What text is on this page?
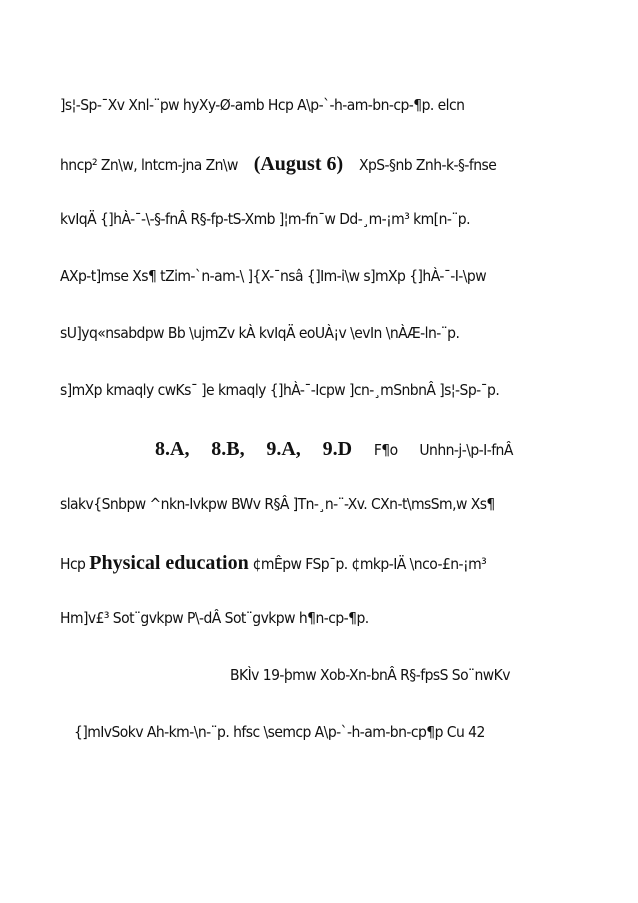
]s¦-Sp-¯Xv Xnl-¨pw hyXy-Ø-amb Hcp A\p-`-h-am-bn-cp-¶p. elcn
hncp² Zn\w, lntcm-jna Zn\w (August 6) XpS-§nb Znh-k-§-fnse
kvIqÄ {]hÀ-¯-\-§-fnÂ R§-fp-tS-Xmb ]¦m-fn¯w Dd-¸m-¡m³ km[n-¨p.
AXp-t]mse Xs¶ tZim-`n-am-\ ]{X-¯nsâ {]Im-i\w s]mXp {]hÀ-¯-I-\pw
sU]yq«nsabdpw Bb \ujmZv kÀ kvIqÄ eoUÀ¡v \evIn \nÀÆ-ln-¨p.
s]mXp kmaqly cwKs¯ ]e kmaqly {]hÀ-¯-Icpw ]cn-¸mSnbnÂ ]s¦-Sp-¯p.
8.A, 8.B, 9.A, 9.D F¶o Unhn-j-\p-I-fnÂ
slakv{Snbpw ^nkn-Ivkpw BWv R§Â ]Tn-¸n-¨-Xv. CXn-t\msSm,w Xs¶
Hcp Physical education ¢mÊpw FSp¯p. ¢mkp-IÄ \nco-£n-¡m³
Hm]v£³ Sot¨gvkpw P\-dÂ Sot¨gvkpw h¶n-cp-¶p.
BKÌv 19-þmw Xob-Xn-bnÂ R§-fpsS So¨nwKv
{]mIvSokv Ah-km-\n-¨p. hfsc \semcp A\p-`-h-am-bn-cp¶p Cu 42
